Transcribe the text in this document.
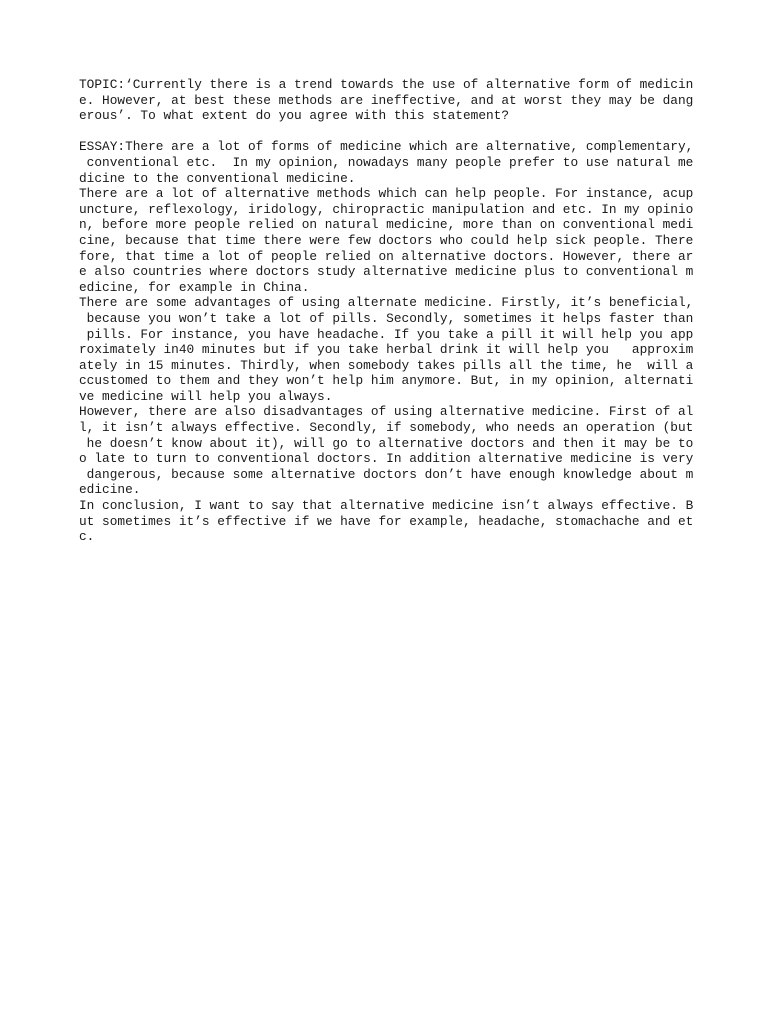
TOPIC:‘Currently there is a trend towards the use of alternative form of medicin
e. However, at best these methods are ineffective, and at worst they may be dang
erous’. To what extent do you agree with this statement?
ESSAY:There are a lot of forms of medicine which are alternative, complementary,
conventional etc.  In my opinion, nowadays many people prefer to use natural me
dicine to the conventional medicine.
There are a lot of alternative methods which can help people. For instance, acup
uncture, reflexology, iridology, chiropractic manipulation and etc. In my opinio
n, before more people relied on natural medicine, more than on conventional medi
cine, because that time there were few doctors who could help sick people. There
fore, that time a lot of people relied on alternative doctors. However, there ar
e also countries where doctors study alternative medicine plus to conventional m
edicine, for example in China.
There are some advantages of using alternate medicine. Firstly, it’s beneficial,
because you won’t take a lot of pills. Secondly, sometimes it helps faster than
pills. For instance, you have headache. If you take a pill it will help you app
roximately in40 minutes but if you take herbal drink it will help you   approxim
ately in 15 minutes. Thirdly, when somebody takes pills all the time, he  will a
ccustomed to them and they won’t help him anymore. But, in my opinion, alternati
ve medicine will help you always.
However, there are also disadvantages of using alternative medicine. First of al
l, it isn’t always effective. Secondly, if somebody, who needs an operation (but
he doesn’t know about it), will go to alternative doctors and then it may be to
o late to turn to conventional doctors. In addition alternative medicine is very
dangerous, because some alternative doctors don’t have enough knowledge about m
edicine.
In conclusion, I want to say that alternative medicine isn’t always effective. B
ut sometimes it’s effective if we have for example, headache, stomachache and et
c.
